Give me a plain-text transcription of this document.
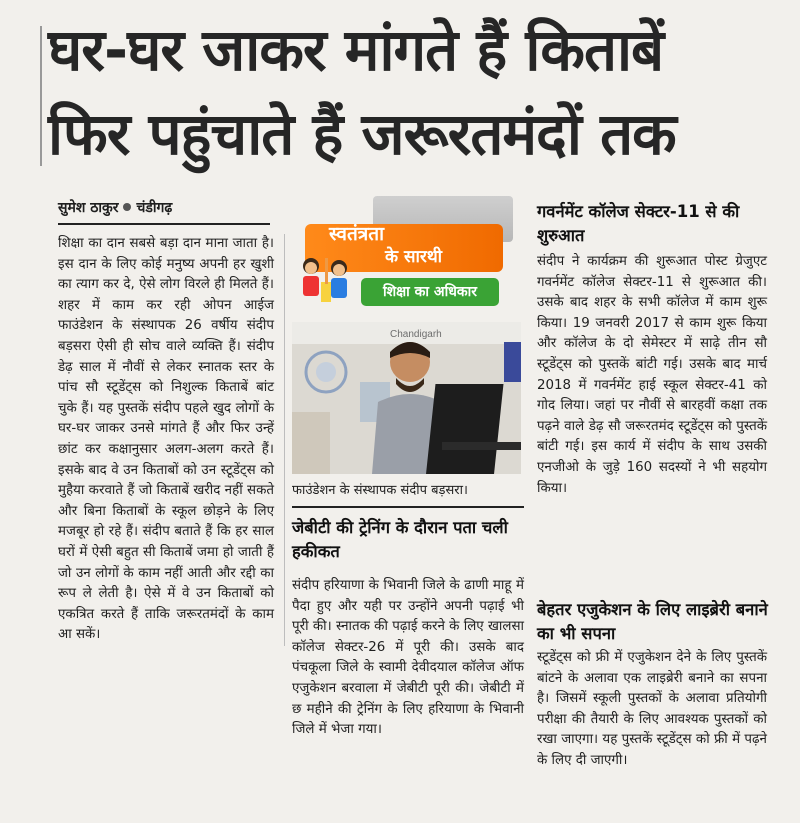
घर-घर जाकर मांगते हैं किताबें
फिर पहुंचाते हैं जरूरतमंदों तक
सुमेश ठाकुर चंडीगढ़
शिक्षा का दान सबसे बड़ा दान माना जाता है। इस दान के लिए कोई मनुष्य अपनी हर खुशी का त्याग कर दे, ऐसे लोग विरले ही मिलते हैं। शहर में काम कर रही ओपन आईज फाउंडेशन के संस्थापक 26 वर्षीय संदीप बड़सरा ऐसी ही सोच वाले व्यक्ति हैं। संदीप डेढ़ साल में नौवीं से लेकर स्नातक स्तर के पांच सौ स्टूडेंट्स को निशुल्क किताबें बांट चुके हैं। यह पुस्तकें संदीप पहले खुद लोगों के घर-घर जाकर उनसे मांगते हैं और फिर उन्हें छांट कर कक्षानुसार अलग-अलग करते हैं। इसके बाद वे उन किताबों को उन स्टूडेंट्स को मुहैया करवाते हैं जो किताबें खरीद नहीं सकते और बिना किताबों के स्कूल छोड़ने के लिए मजबूर हो रहे हैं। संदीप बताते हैं कि हर साल घरों में ऐसी बहुत सी किताबें जमा हो जाती हैं जो उन लोगों के काम नहीं आती और रद्दी का रूप ले लेती है। ऐसे में वे उन किताबों को एकत्रित करते हैं ताकि जरूरतमंदों के काम आ सकें।
स्वतंत्रता
के सारथी
शिक्षा का अधिकार
Chandigarh
फाउंडेशन के संस्थापक संदीप बड़सरा।
जेबीटी की ट्रेनिंग के दौरान पता चली हकीकत
संदीप हरियाणा के भिवानी जिले के ढाणी माहू में पैदा हुए और यही पर उन्होंने अपनी पढ़ाई भी पूरी की। स्नातक की पढ़ाई करने के लिए खालसा कॉलेज सेक्टर-26 में पूरी की। उसके बाद पंचकूला जिले के स्वामी देवीदयाल कॉलेज ऑफ एजुकेशन बरवाला में जेबीटी पूरी की। जेबीटी में छ महीने की ट्रेनिंग के लिए हरियाणा के भिवानी जिले में भेजा गया।
गवर्नमेंट कॉलेज सेक्टर-11 से की शुरुआत
संदीप ने कार्यक्रम की शुरूआत पोस्ट ग्रेजुएट गवर्नमेंट कॉलेज सेक्टर-11 से शुरूआत की। उसके बाद शहर के सभी कॉलेज में काम शुरू किया। 19 जनवरी 2017 से काम शुरू किया और कॉलेज के दो सेमेस्टर में साढ़े तीन सौ स्टूडेंट्स को पुस्तकें बांटी गई। उसके बाद मार्च 2018 में गवर्नमेंट हाई स्कूल सेक्टर-41 को गोद लिया। जहां पर नौवीं से बारहवीं कक्षा तक पढ़ने वाले डेढ़ सौ जरूरतमंद स्टूडेंट्स को पुस्तकें बांटी गई। इस कार्य में संदीप के साथ उसकी एनजीओ के जुड़े 160 सदस्यों ने भी सहयोग किया।
बेहतर एजुकेशन के लिए लाइब्रेरी बनाने का भी सपना
स्टूडेंट्स को फ्री में एजुकेशन देने के लिए पुस्तकें बांटने के अलावा एक लाइब्रेरी बनाने का सपना है। जिसमें स्कूली पुस्तकों के अलावा प्रतियोगी परीक्षा की तैयारी के लिए आवश्यक पुस्तकों को रखा जाएगा। यह पुस्तकें स्टूडेंट्स को फ्री में पढ़ने के लिए दी जाएगी।
